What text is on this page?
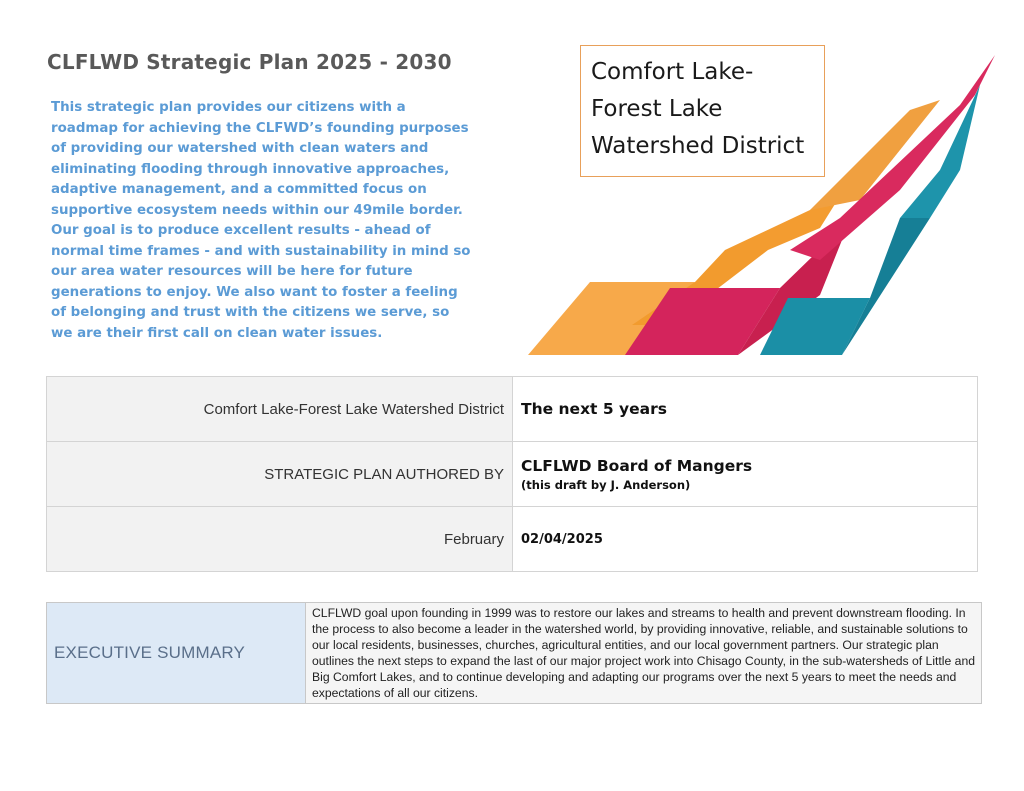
CLFLWD Strategic Plan 2025 - 2030
This strategic plan provides our citizens with a roadmap for achieving the CLFWD’s founding purposes of providing our watershed with clean waters and eliminating flooding through innovative approaches, adaptive management, and a committed focus on supportive ecosystem needs within our 49mile border. Our goal is to produce excellent results - ahead of normal time frames - and with sustainability in mind so our area water resources will be here for future generations to enjoy. We also want to foster a feeling of belonging and trust with the citizens we serve, so we are their first call on clean water issues.
Comfort Lake-
Forest Lake
Watershed District
Comfort Lake-Forest Lake Watershed District	The next 5 years

STRATEGIC PLAN AUTHORED BY	CLFLWD Board of Mangers
(this draft by J. Anderson)

February	02/04/2025
EXECUTIVE SUMMARY	CLFLWD goal upon founding in 1999 was to restore our lakes and streams to health and prevent downstream flooding. In the process to also become a leader in the watershed world, by providing innovative, reliable, and sustainable solutions to our local residents, businesses, churches, agricultural entities, and our local government partners. Our strategic plan outlines the next steps to expand the last of our major project work into Chisago County, in the sub-watersheds of Little and Big Comfort Lakes, and to continue developing and adapting our programs over the next 5 years to meet the needs and expectations of all our citizens.
